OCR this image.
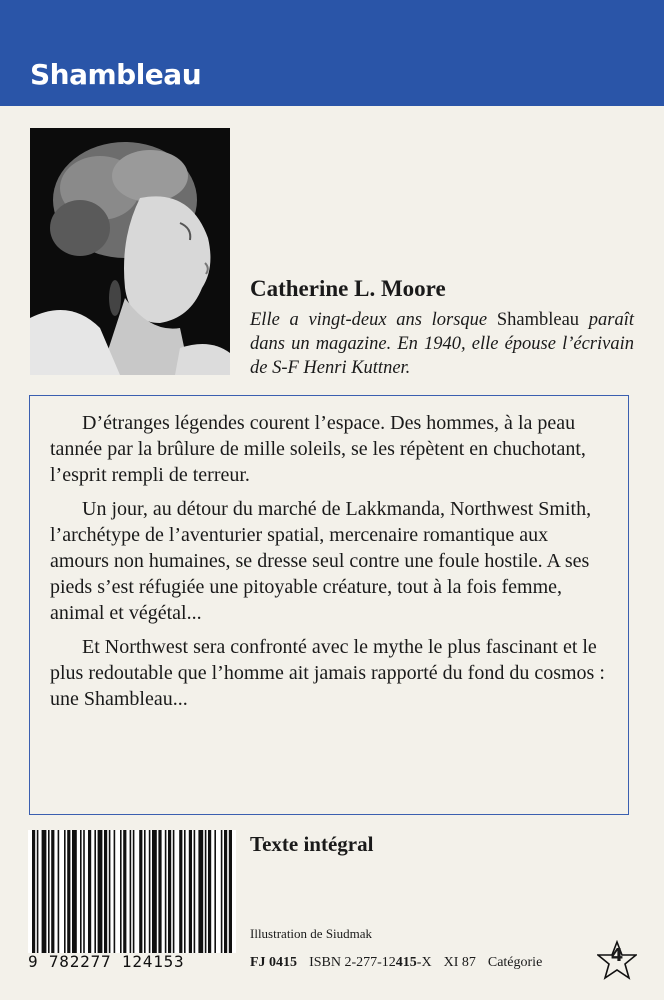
Shambleau
Catherine L. Moore
Elle a vingt-deux ans lorsque Shambleau paraît dans un magazine. En 1940, elle épouse l’écrivain de S-F Henri Kuttner.

D’étranges légendes courent l’espace. Des hommes, à la peau tannée par la brûlure de mille soleils, se les répètent en chuchotant, l’esprit rempli de terreur.

Un jour, au détour du marché de Lakkmanda, Northwest Smith, l’archétype de l’aventurier spatial, mercenaire romantique aux amours non humaines, se dresse seul contre une foule hostile. A ses pieds s’est réfugiée une pitoyable créature, tout à la fois femme, animal et végétal...

Et Northwest sera confronté avec le mythe le plus fascinant et le plus redoutable que l’homme ait jamais rapporté du fond du cosmos : une Shambleau...

9 782277 124153
Texte intégral
Illustration de Siudmak
FJ 0415 ISBN 2-277-12415-X XI 87 Catégorie	4
